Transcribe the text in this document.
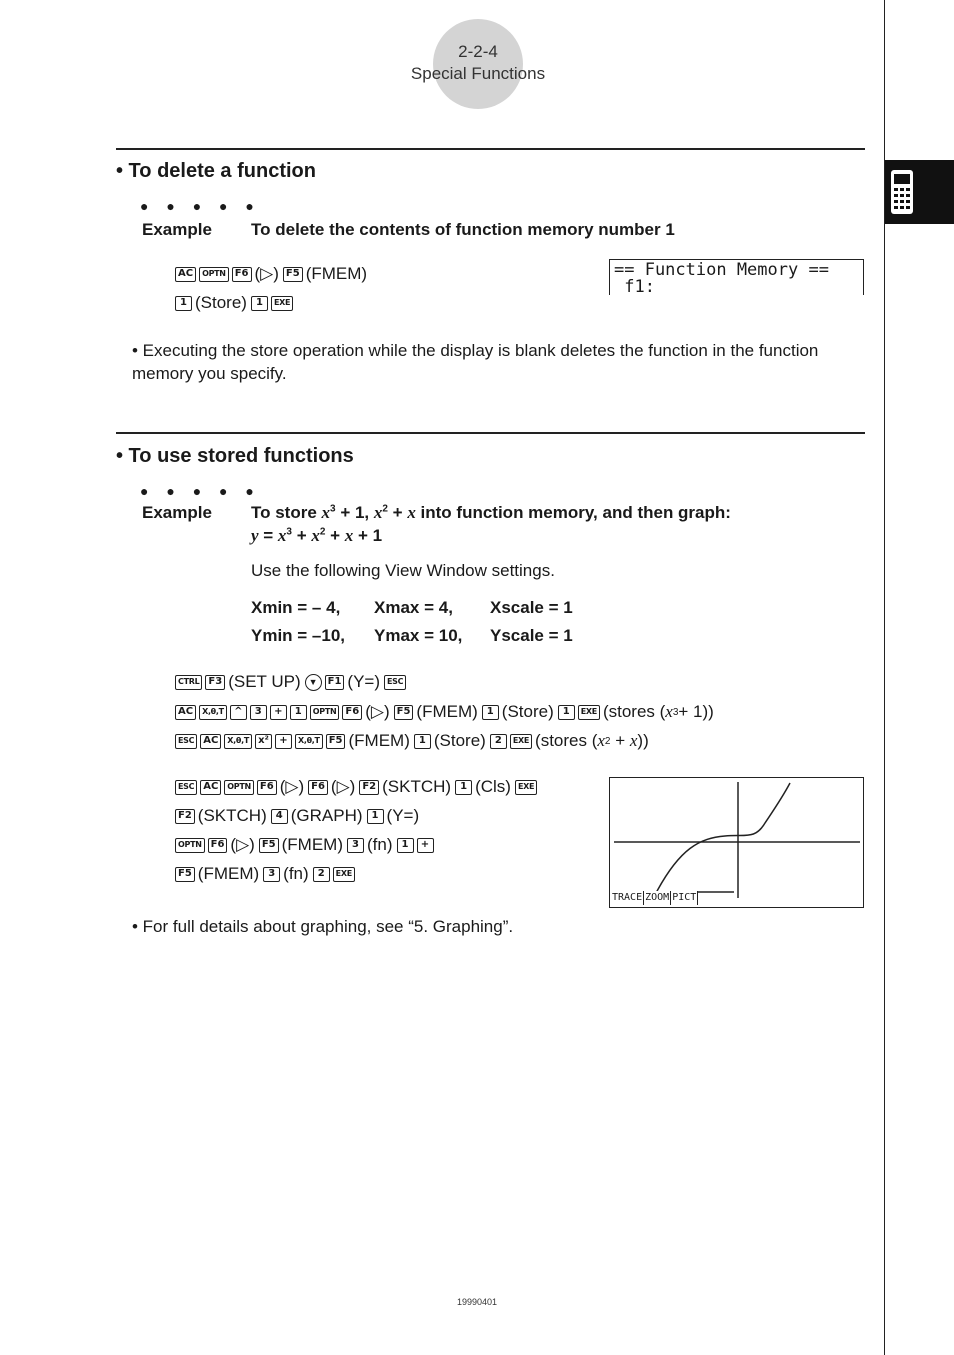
2-2-4
Special Functions
• To delete a function
● ● ● ● ●
Example To delete the contents of function memory number 1
AC	OPTN F6 (▷) F5 (FMEM)
1 (Store) 1	EXE
== Function Memory ==
f1:
• Executing the store operation while the display is blank deletes the function in the function memory you specify.
• To use stored functions
● ● ● ● ●
Example To store $x^3 + 1$, $x^2 + x$ into function memory, and then graph:
$y = x^3 + x^2 + x + 1$
Use the following View Window settings.
Xmin = – 4, Xmax = 4, Xscale = 1
Ymin = –10, Ymax = 10, Yscale = 1
CTRL F3 (SET UP) ▼	F1 (Y=) ESC
AC	X,θ,T	^	3	+	1	OPTN F6 (▷) F5 (FMEM) 1 (Store) 1	EXE (stores ( x 3 + 1))
ESC AC	X,θ,T x²	+	X,θ,T F5 (FMEM) 1 (Store) 2	EXE (stores ( x 2 + x ))
ESC AC	OPTN F6 (▷) F6 (▷) F2 (SKTCH) 1 (Cls) EXE
F2 (SKTCH) 4 (GRAPH) 1 (Y=)
OPTN F6 (▷) F5 (FMEM) 3 (fn) 1	+
F5 (FMEM) 3 (fn) 2	EXE
TRACE ZOOM PICT
• For full details about graphing, see “5. Graphing”.
19990401
